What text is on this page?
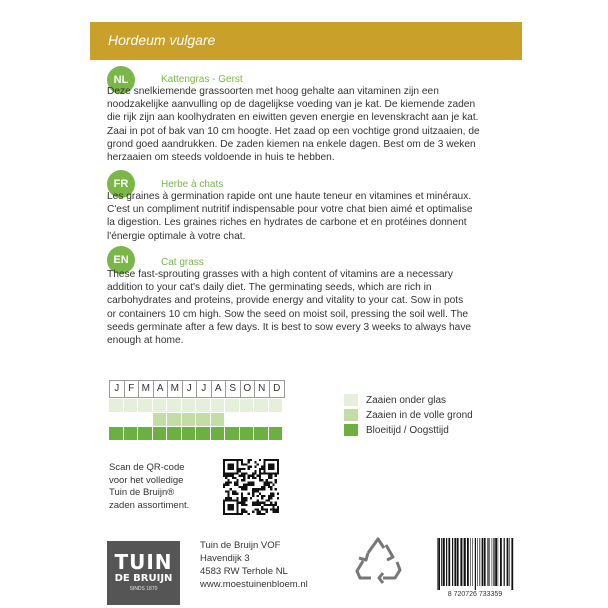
Hordeum vulgare
NL	Kattengras - Gerst
Deze snelkiemende grassoorten met hoog gehalte aan vitaminen zijn een
noodzakelijke aanvulling op de dagelijkse voeding van je kat. De kiemende zaden
die rijk zijn aan koolhydraten en eiwitten geven energie en levenskracht aan je kat.
Zaai in pot of bak van 10 cm hoogte. Het zaad op een vochtige grond uitzaaien, de
grond goed aandrukken. De zaden kiemen na enkele dagen. Best om de 3 weken
herzaaien om steeds voldoende in huis te hebben.
FR	Herbe à chats
Les graines à germination rapide ont une haute teneur en vitamines et minéraux.
C'est un compliment nutritif indispensable pour votre chat bien aimé et optimalise
la digestion. Les graines riches en hydrates de carbone et en protéines donnent
l'énergie optimale à votre chat.
EN	Cat grass
These fast-sprouting grasses with a high content of vitamins are a necessary
addition to your cat's daily diet. The germinating seeds, which are rich in
carbohydrates and proteins, provide energy and vitality to your cat. Sow in pots
or containers 10 cm high. Sow the seed on moist soil, pressing the soil well. The
seeds germinate after a few days. It is best to sow every 3 weeks to always have
enough at home.
J F M A M J J A S O N D
Zaaien onder glas
Zaaien in de volle grond
Bloeitijd / Oogsttijd
Scan de QR-code
voor het volledige
Tuin de Bruijn®
zaden assortiment.
TUIN
DE BRUIJN
SINDS 1870
Tuin de Bruijn VOF
Havendijk 3
4583 RW Terhole NL
www.moestuinenbloem.nl
8 720726 733359
